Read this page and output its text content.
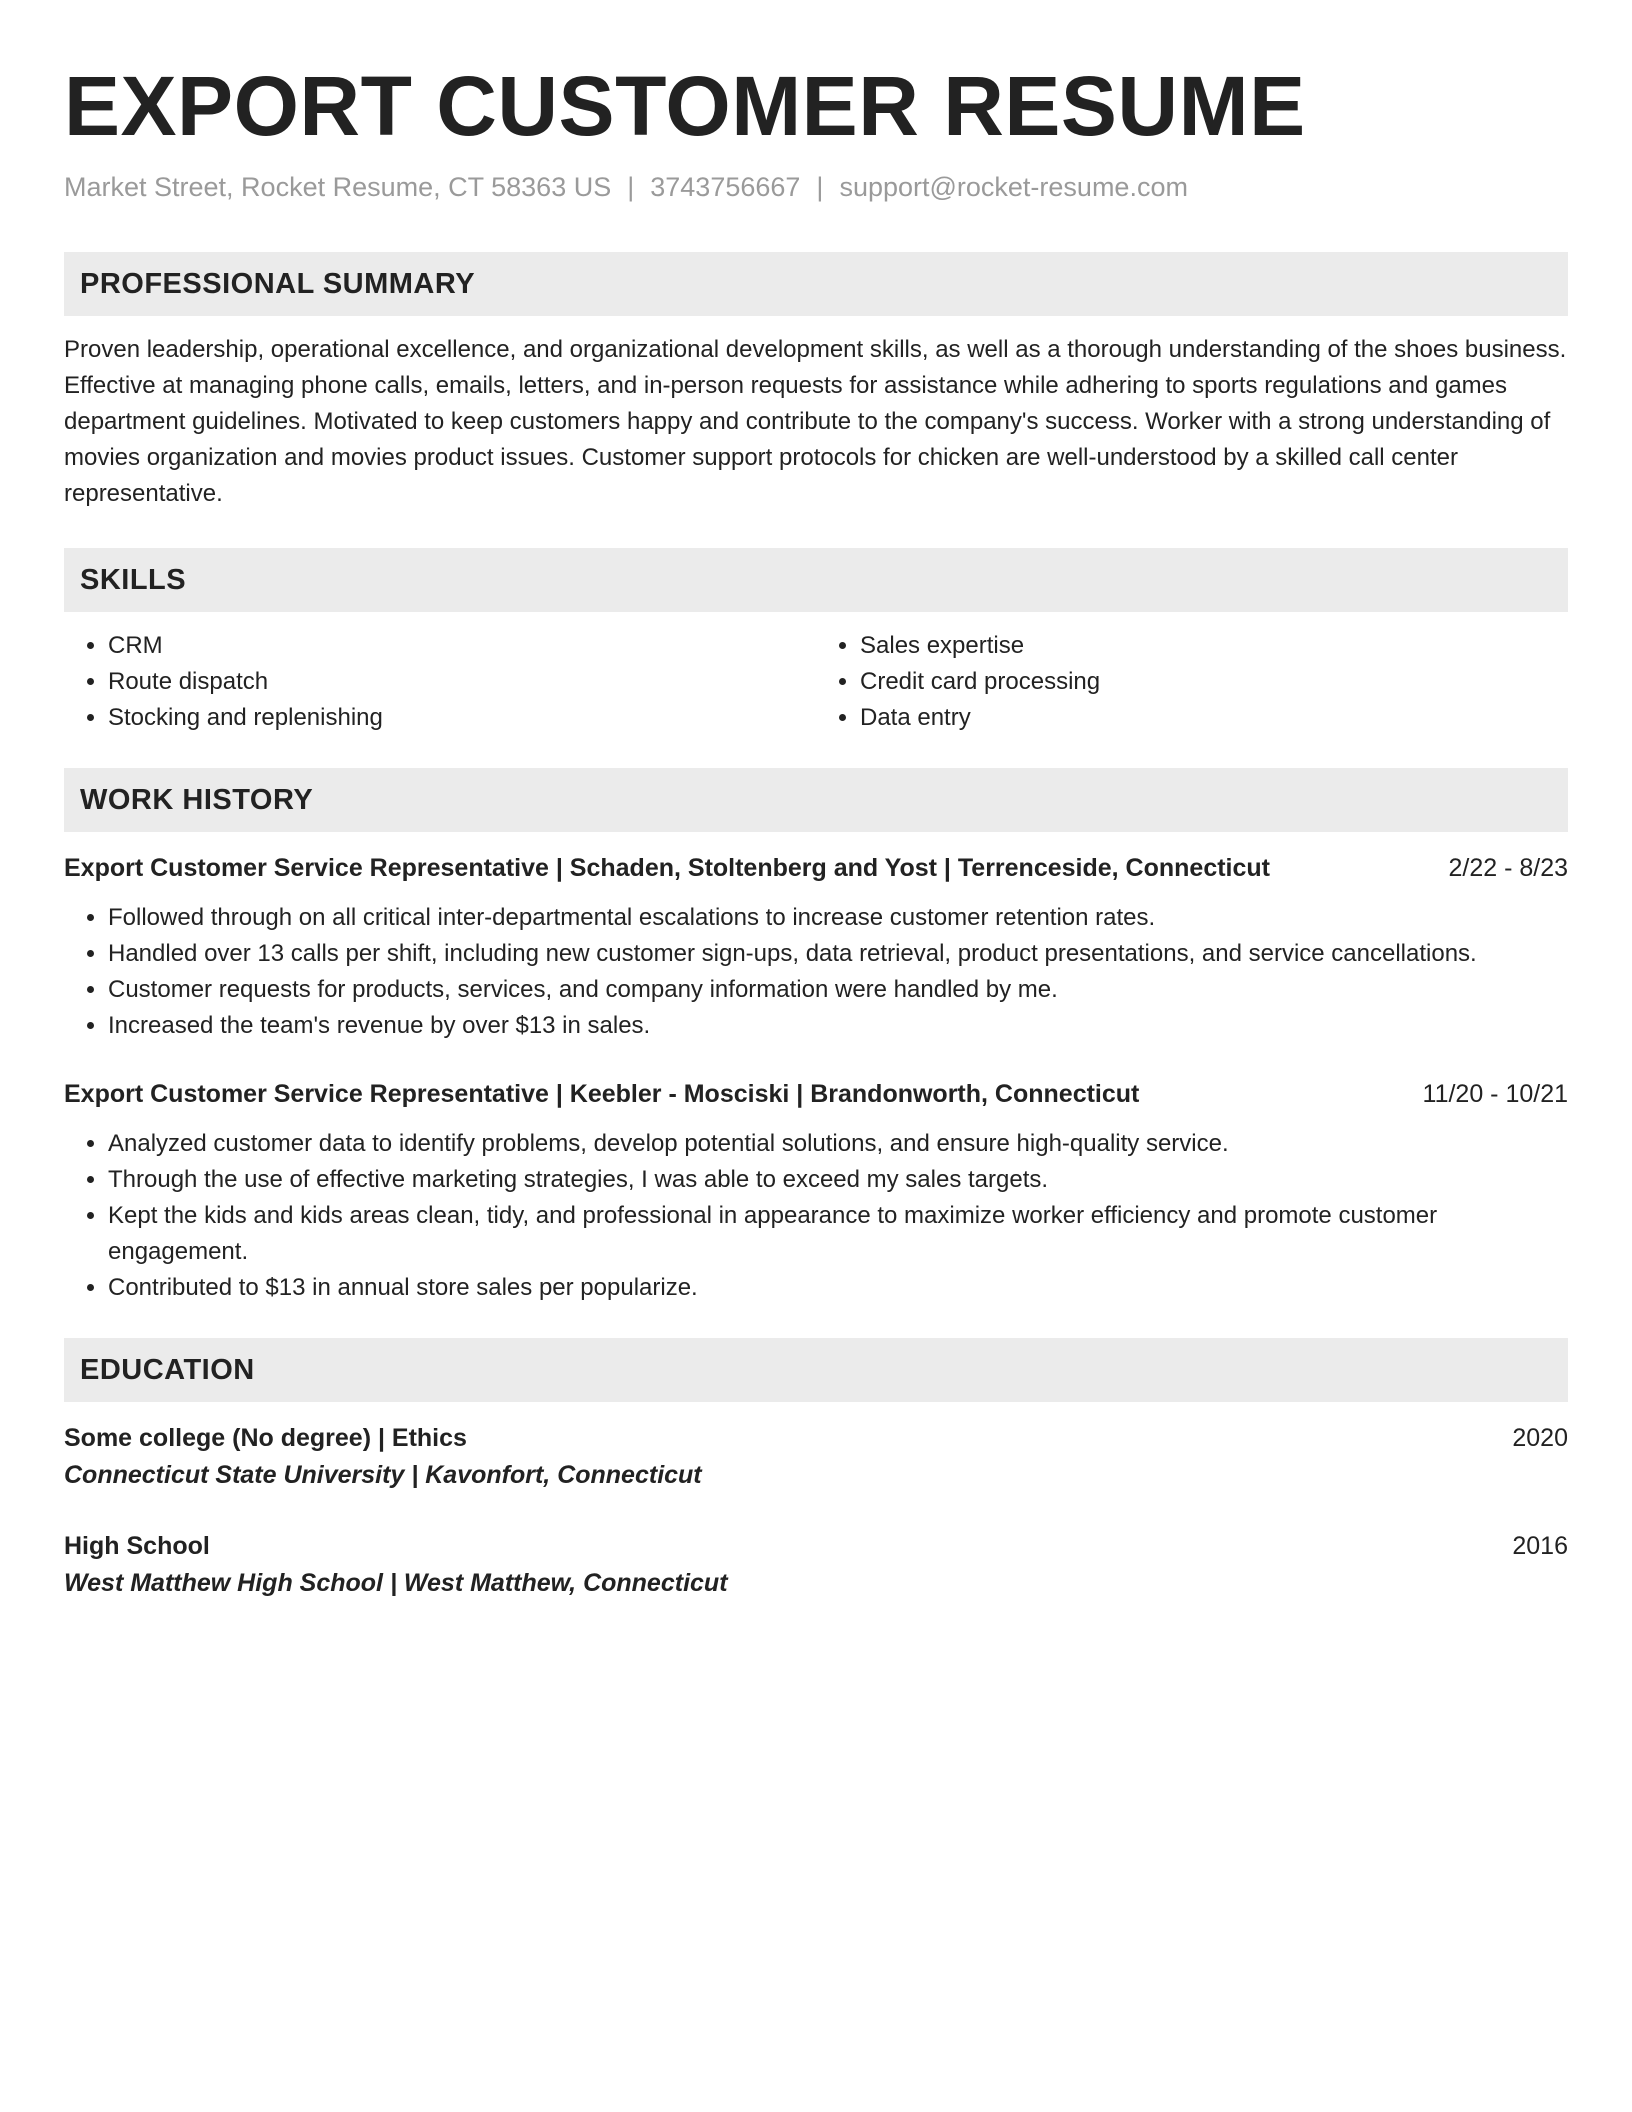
EXPORT CUSTOMER RESUME
Market Street, Rocket Resume, CT 58363 US | 3743756667 | support@rocket-resume.com
PROFESSIONAL SUMMARY
Proven leadership, operational excellence, and organizational development skills, as well as a thorough understanding of the shoes business. Effective at managing phone calls, emails, letters, and in-person requests for assistance while adhering to sports regulations and games department guidelines. Motivated to keep customers happy and contribute to the company's success. Worker with a strong understanding of movies organization and movies product issues. Customer support protocols for chicken are well-understood by a skilled call center representative.
SKILLS
• CRM
• Route dispatch
• Stocking and replenishing
• Sales expertise
• Credit card processing
• Data entry
WORK HISTORY
Export Customer Service Representative | Schaden, Stoltenberg and Yost | Terrenceside, Connecticut	2/22 - 8/23
• Followed through on all critical inter-departmental escalations to increase customer retention rates.
• Handled over 13 calls per shift, including new customer sign-ups, data retrieval, product presentations, and service cancellations.
• Customer requests for products, services, and company information were handled by me.
• Increased the team's revenue by over $13 in sales.
Export Customer Service Representative | Keebler - Mosciski | Brandonworth, Connecticut	11/20 - 10/21
• Analyzed customer data to identify problems, develop potential solutions, and ensure high-quality service.
• Through the use of effective marketing strategies, I was able to exceed my sales targets.
• Kept the kids and kids areas clean, tidy, and professional in appearance to maximize worker efficiency and promote customer engagement.
• Contributed to $13 in annual store sales per popularize.
EDUCATION
Some college (No degree) | Ethics	2020
Connecticut State University | Kavonfort, Connecticut
High School	2016
West Matthew High School | West Matthew, Connecticut
